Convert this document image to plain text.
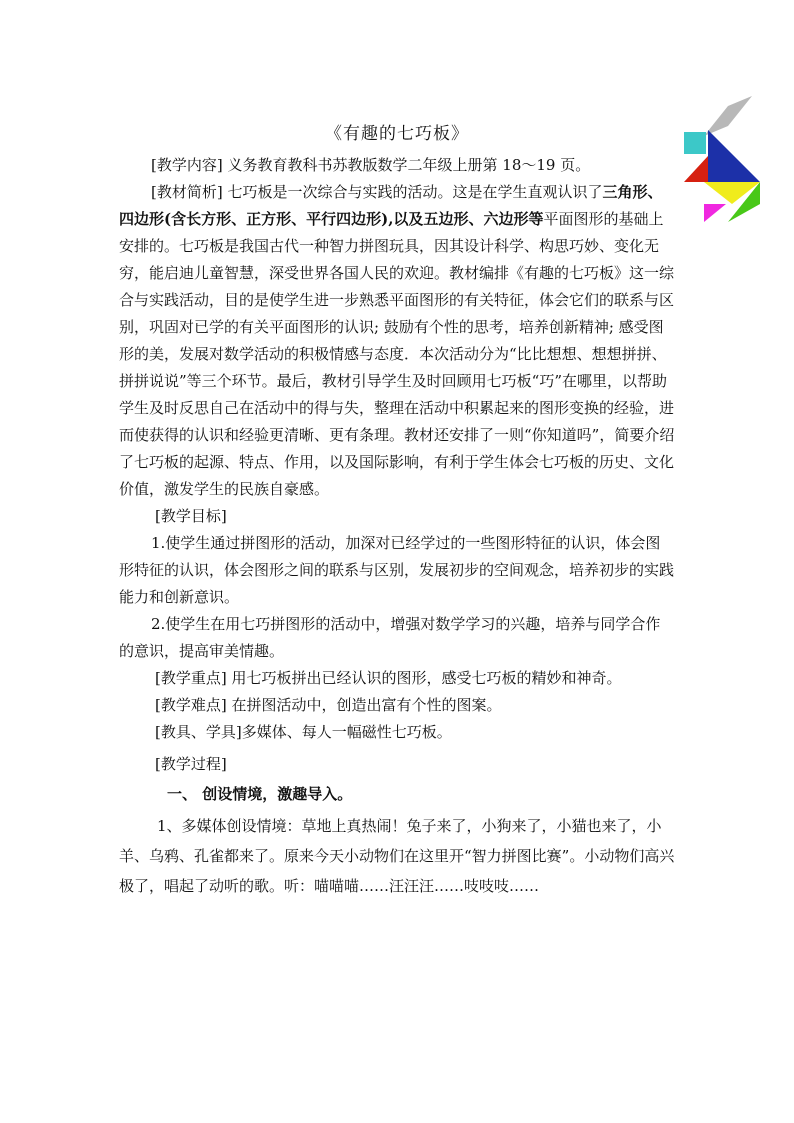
《有趣的七巧板》

[教学内容] 义务教育教科书苏教版数学二年级上册第 18～19 页。

[教材简析] 七巧板是一次综合与实践的活动。这是在学生直观认识了三角形、四边形(含长方形、正方形、平行四边形),以及五边形、六边形等平面图形的基础上安排的。七巧板是我国古代一种智力拼图玩具，因其设计科学、构思巧妙、变化无穷，能启迪儿童智慧，深受世界各国人民的欢迎。教材编排《有趣的七巧板》这一综合与实践活动，目的是使学生进一步熟悉平面图形的有关特征，体会它们的联系与区别，巩固对已学的有关平面图形的认识; 鼓励有个性的思考，培养创新精神; 感受图形的美，发展对数学活动的积极情感与态度．本次活动分为“比比想想、想想拼拼、拼拼说说”等三个环节。最后，教材引导学生及时回顾用七巧板“巧”在哪里，以帮助学生及时反思自己在活动中的得与失，整理在活动中积累起来的图形变换的经验，进而使获得的认识和经验更清晰、更有条理。教材还安排了一则“你知道吗”，简要介绍了七巧板的起源、特点、作用，以及国际影响，有利于学生体会七巧板的历史、文化价值，激发学生的民族自豪感。

[教学目标]

1.使学生通过拼图形的活动，加深对已经学过的一些图形特征的认识，体会图形特征的认识，体会图形之间的联系与区别，发展初步的空间观念，培养初步的实践能力和创新意识。

2.使学生在用七巧拼图形的活动中，增强对数学学习的兴趣，培养与同学合作的意识，提高审美情趣。

[教学重点] 用七巧板拼出已经认识的图形，感受七巧板的精妙和神奇。

[教学难点] 在拼图活动中，创造出富有个性的图案。

[教具、学具]多媒体、每人一幅磁性七巧板。

[教学过程]

一、 创设情境，激趣导入。

1、多媒体创设情境：草地上真热闹！兔子来了，小狗来了，小猫也来了，小羊、乌鸦、孔雀都来了。原来今天小动物们在这里开“智力拼图比赛”。小动物们高兴极了，唱起了动听的歌。听：喵喵喵……汪汪汪……吱吱吱……
